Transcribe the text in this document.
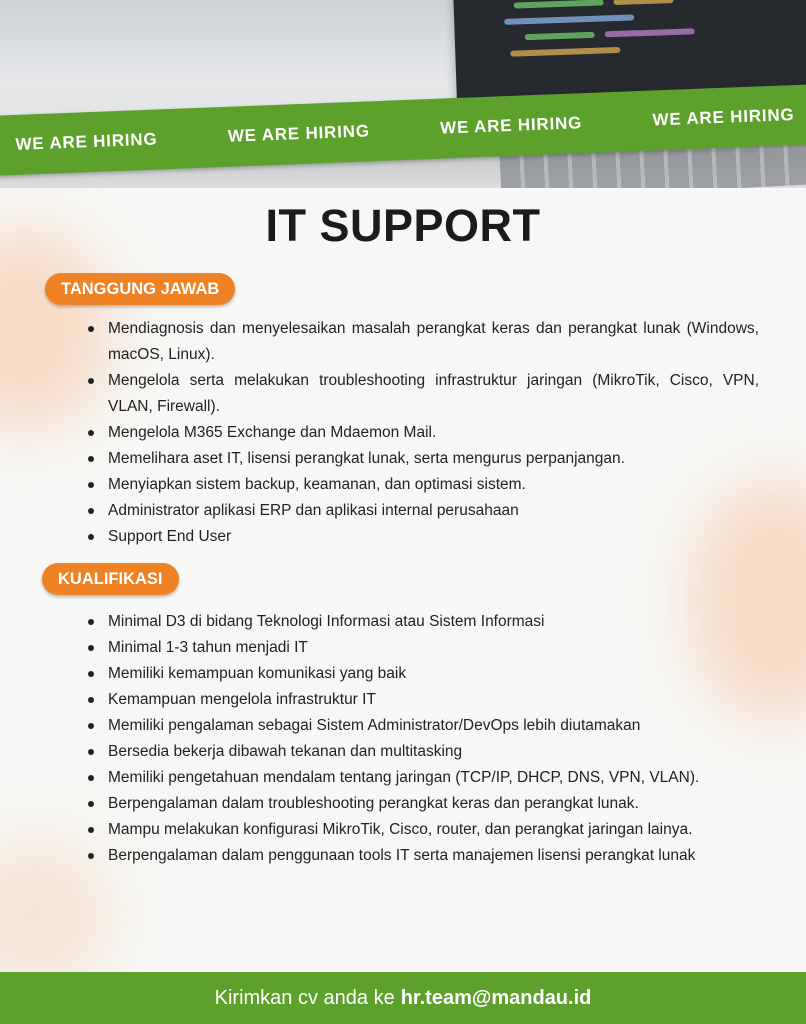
WE ARE HIRING	WE ARE HIRING	WE ARE HIRING	WE ARE HIRING
IT SUPPORT
TANGGUNG JAWAB
Mendiagnosis dan menyelesaikan masalah perangkat keras dan perangkat lunak (Windows, macOS, Linux).
Mengelola serta melakukan troubleshooting infrastruktur jaringan (MikroTik, Cisco, VPN, VLAN, Firewall).
Mengelola M365 Exchange dan Mdaemon Mail.
Memelihara aset IT, lisensi perangkat lunak, serta mengurus perpanjangan.
Menyiapkan sistem backup, keamanan, dan optimasi sistem.
Administrator aplikasi ERP dan aplikasi internal perusahaan
Support End User
KUALIFIKASI
Minimal D3 di bidang Teknologi Informasi atau Sistem Informasi
Minimal 1-3 tahun menjadi IT
Memiliki kemampuan komunikasi yang baik
Kemampuan mengelola infrastruktur IT
Memiliki pengalaman sebagai Sistem Administrator/DevOps lebih diutamakan
Bersedia bekerja dibawah tekanan dan multitasking
Memiliki pengetahuan mendalam tentang jaringan (TCP/IP, DHCP, DNS, VPN, VLAN).
Berpengalaman dalam troubleshooting perangkat keras dan perangkat lunak.
Mampu melakukan konfigurasi MikroTik, Cisco, router, dan perangkat jaringan lainya.
Berpengalaman dalam penggunaan tools IT serta manajemen lisensi perangkat lunak
Kirimkan cv anda ke hr.team@mandau.id
